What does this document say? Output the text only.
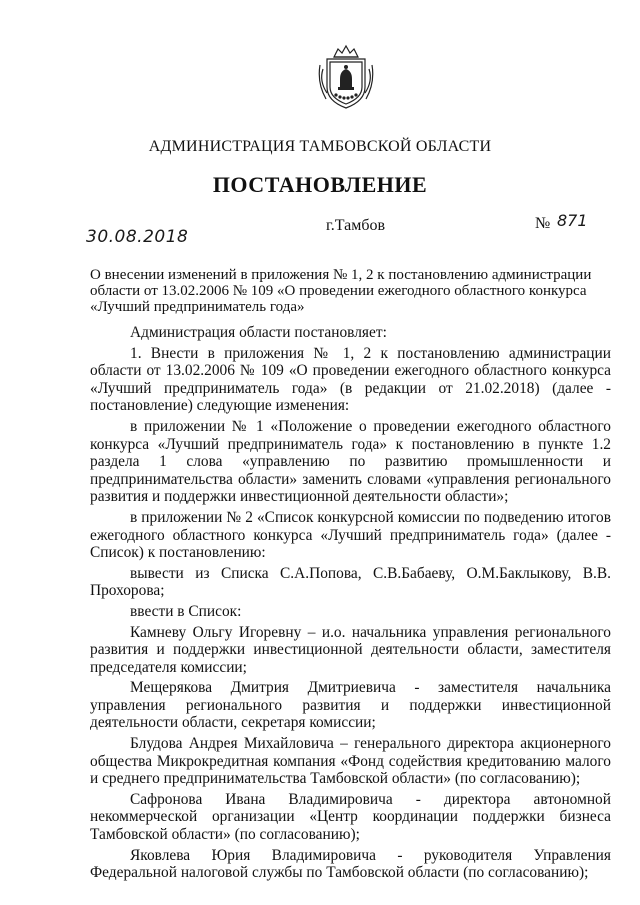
АДМИНИСТРАЦИЯ ТАМБОВСКОЙ ОБЛАСТИ
ПОСТАНОВЛЕНИЕ
30.08.2018
г.Тамбов	№ 871
О внесении изменений в приложения № 1, 2 к постановлению администрации области от 13.02.2006 № 109 «О проведении ежегодного областного конкурса «Лучший предприниматель года»

Администрация области постановляет:

1. Внести в приложения № 1, 2 к постановлению администрации области от 13.02.2006 № 109 «О проведении ежегодного областного конкурса «Лучший предприниматель года» (в редакции от 21.02.2018) (далее - постановление) следующие изменения:

в приложении № 1 «Положение о проведении ежегодного областного конкурса «Лучший предприниматель года» к постановлению в пункте 1.2 раздела 1 слова «управлению по развитию промышленности и предпринимательства области» заменить словами «управления регионального развития и поддержки инвестиционной деятельности области»;

в приложении № 2 «Список конкурсной комиссии по подведению итогов ежегодного областного конкурса «Лучший предприниматель года» (далее - Список) к постановлению:

вывести из Списка С.А.Попова, С.В.Бабаеву, О.М.Баклыкову, В.В. Прохорова;

ввести в Список:

Камневу Ольгу Игоревну – и.о. начальника управления регионального развития и поддержки инвестиционной деятельности области, заместителя председателя комиссии;

Мещерякова Дмитрия Дмитриевича - заместителя начальника управления регионального развития и поддержки инвестиционной деятельности области, секретаря комиссии;

Блудова Андрея Михайловича – генерального директора акционерного общества Микрокредитная компания «Фонд содействия кредитованию малого и среднего предпринимательства Тамбовской области» (по согласованию);

Сафронова Ивана Владимировича - директора автономной некоммерческой организации «Центр координации поддержки бизнеса Тамбовской области» (по согласованию);

Яковлева Юрия Владимировича - руководителя Управления Федеральной налоговой службы по Тамбовской области (по согласованию);
